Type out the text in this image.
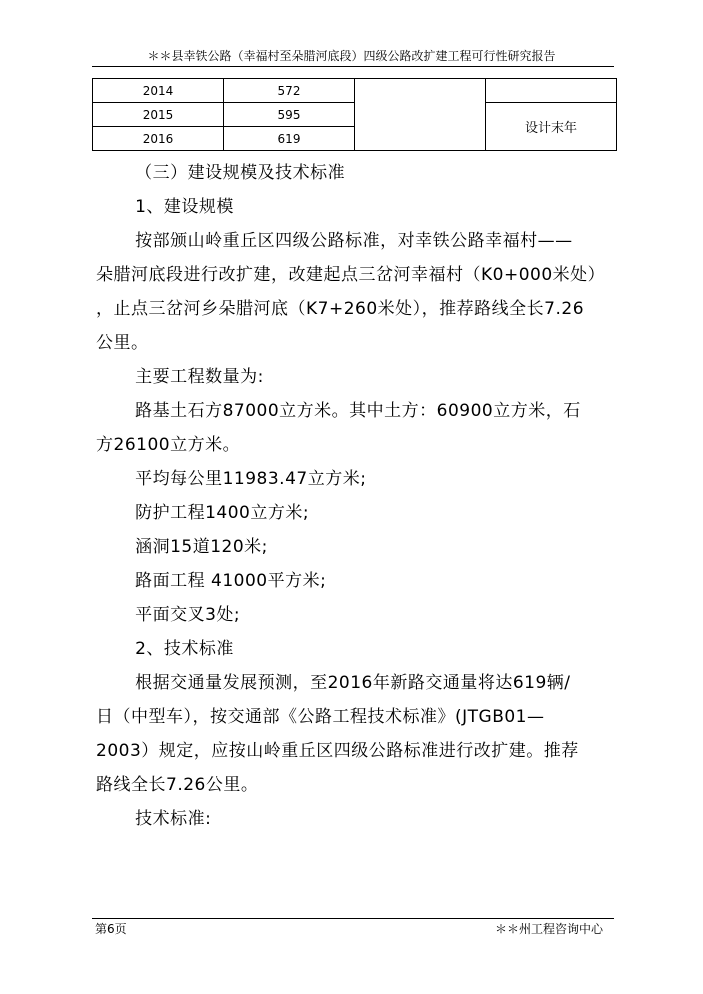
＊＊县幸铁公路（幸福村至朵腊河底段）四级公路改扩建工程可行性研究报告
2014	572		
2015	595		设计末年
2016	619		

（三）建设规模及技术标准

1、建设规模

按部颁山岭重丘区四级公路标准，对幸铁公路幸福村——

朵腊河底段进行改扩建，改建起点三岔河幸福村（K0+000米处）

，止点三岔河乡朵腊河底（K7+260米处），推荐路线全长7.26

公里。

主要工程数量为:

路基土石方87000立方米。其中土方：60900立方米，石

方26100立方米。

平均每公里11983.47立方米;

防护工程1400立方米;

涵洞15道120米;

路面工程 41000平方米;

平面交叉3处;

2、技术标准

根据交通量发展预测，至2016年新路交通量将达619辆/

日（中型车），按交通部《公路工程技术标准》(JTGB01—

2003）规定，应按山岭重丘区四级公路标准进行改扩建。推荐

路线全长7.26公里。

技术标准:

第6页	＊＊州工程咨询中心
